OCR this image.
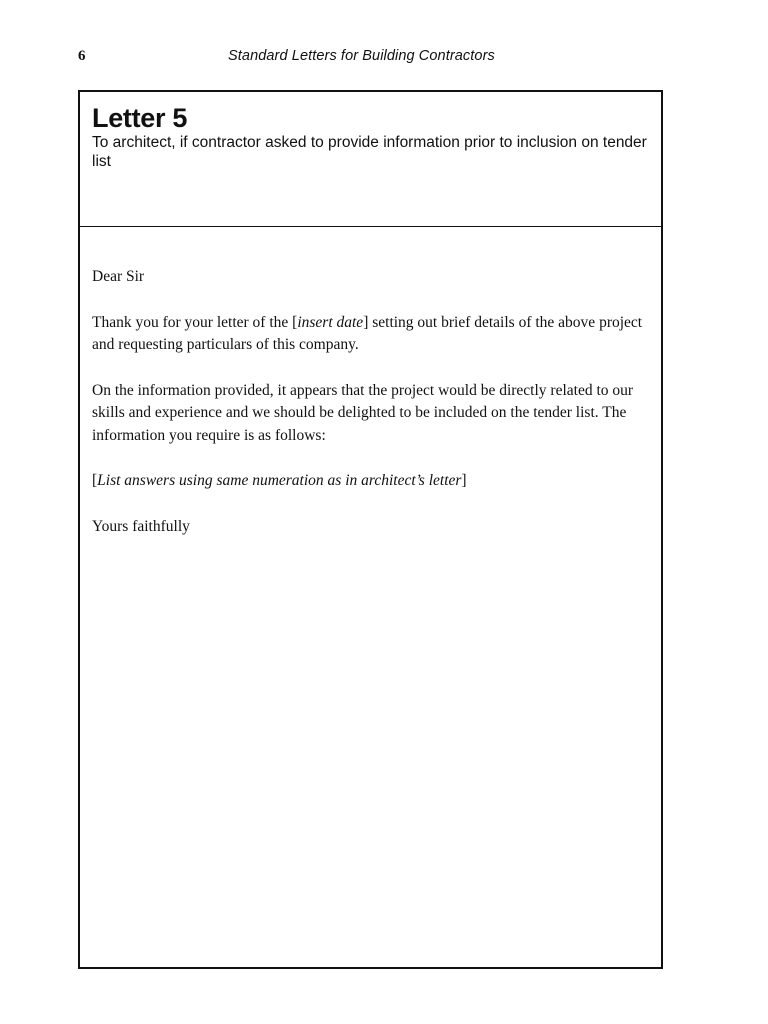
6	Standard Letters for Building Contractors
Letter 5

To architect, if contractor asked to provide information prior to inclusion on tender list

Dear Sir

Thank you for your letter of the [insert date] setting out brief details of the above project and requesting particulars of this company.

On the information provided, it appears that the project would be directly related to our skills and experience and we should be delighted to be included on the tender list. The information you require is as follows:

[List answers using same numeration as in architect’s letter]

Yours faithfully
